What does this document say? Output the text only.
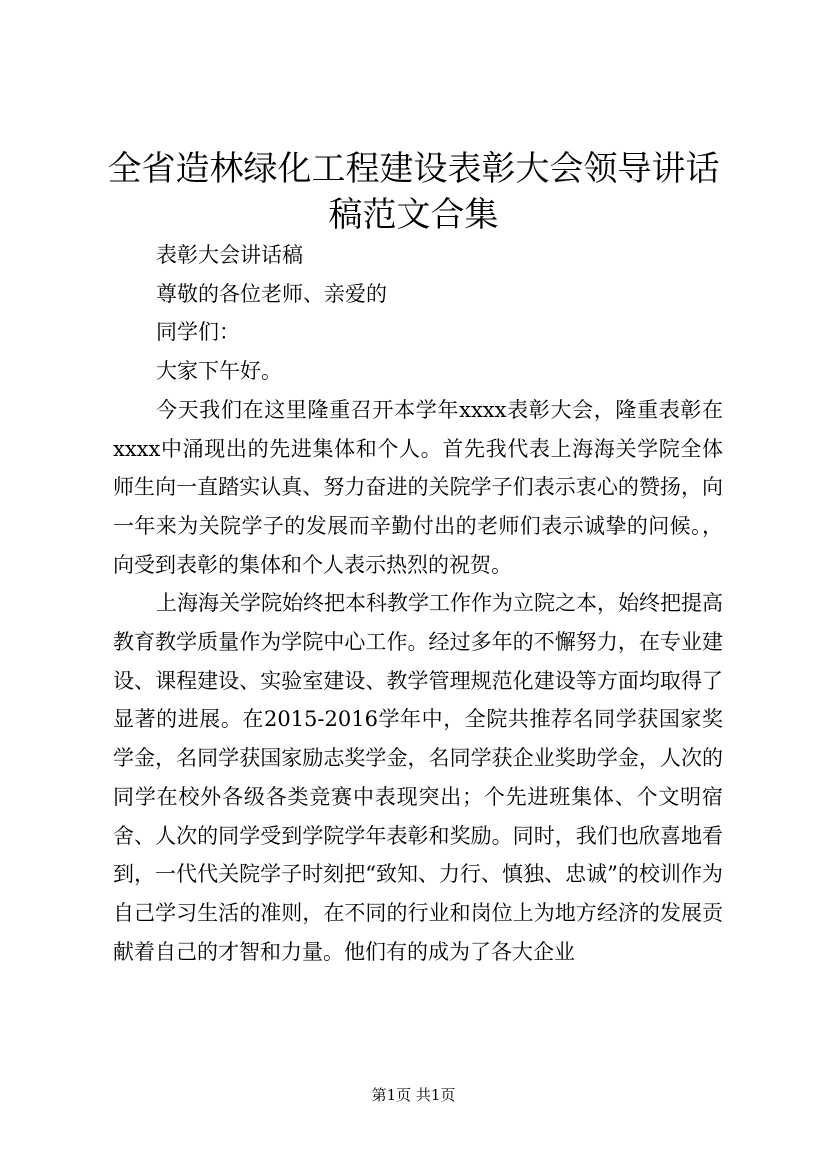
全省造林绿化工程建设表彰大会领导讲话稿范文合集

表彰大会讲话稿

尊敬的各位老师、亲爱的

同学们：

大家下午好。

今天我们在这里隆重召开本学年xxxx表彰大会，隆重表彰在xxxx中涌现出的先进集体和个人。首先我代表上海海关学院全体师生向一直踏实认真、努力奋进的关院学子们表示衷心的赞扬，向一年来为关院学子的发展而辛勤付出的老师们表示诚挚的问候。，向受到表彰的集体和个人表示热烈的祝贺。

上海海关学院始终把本科教学工作作为立院之本，始终把提高教育教学质量作为学院中心工作。经过多年的不懈努力，在专业建设、课程建设、实验室建设、教学管理规范化建设等方面均取得了显著的进展。在2015-2016学年中，全院共推荐名同学获国家奖学金，名同学获国家励志奖学金，名同学获企业奖助学金，人次的同学在校外各级各类竞赛中表现突出；个先进班集体、个文明宿舍、人次的同学受到学院学年表彰和奖励。同时，我们也欣喜地看到，一代代关院学子时刻把“致知、力行、慎独、忠诚”的校训作为自己学习生活的准则，在不同的行业和岗位上为地方经济的发展贡献着自己的才智和力量。他们有的成为了各大企业

第1页 共1页
